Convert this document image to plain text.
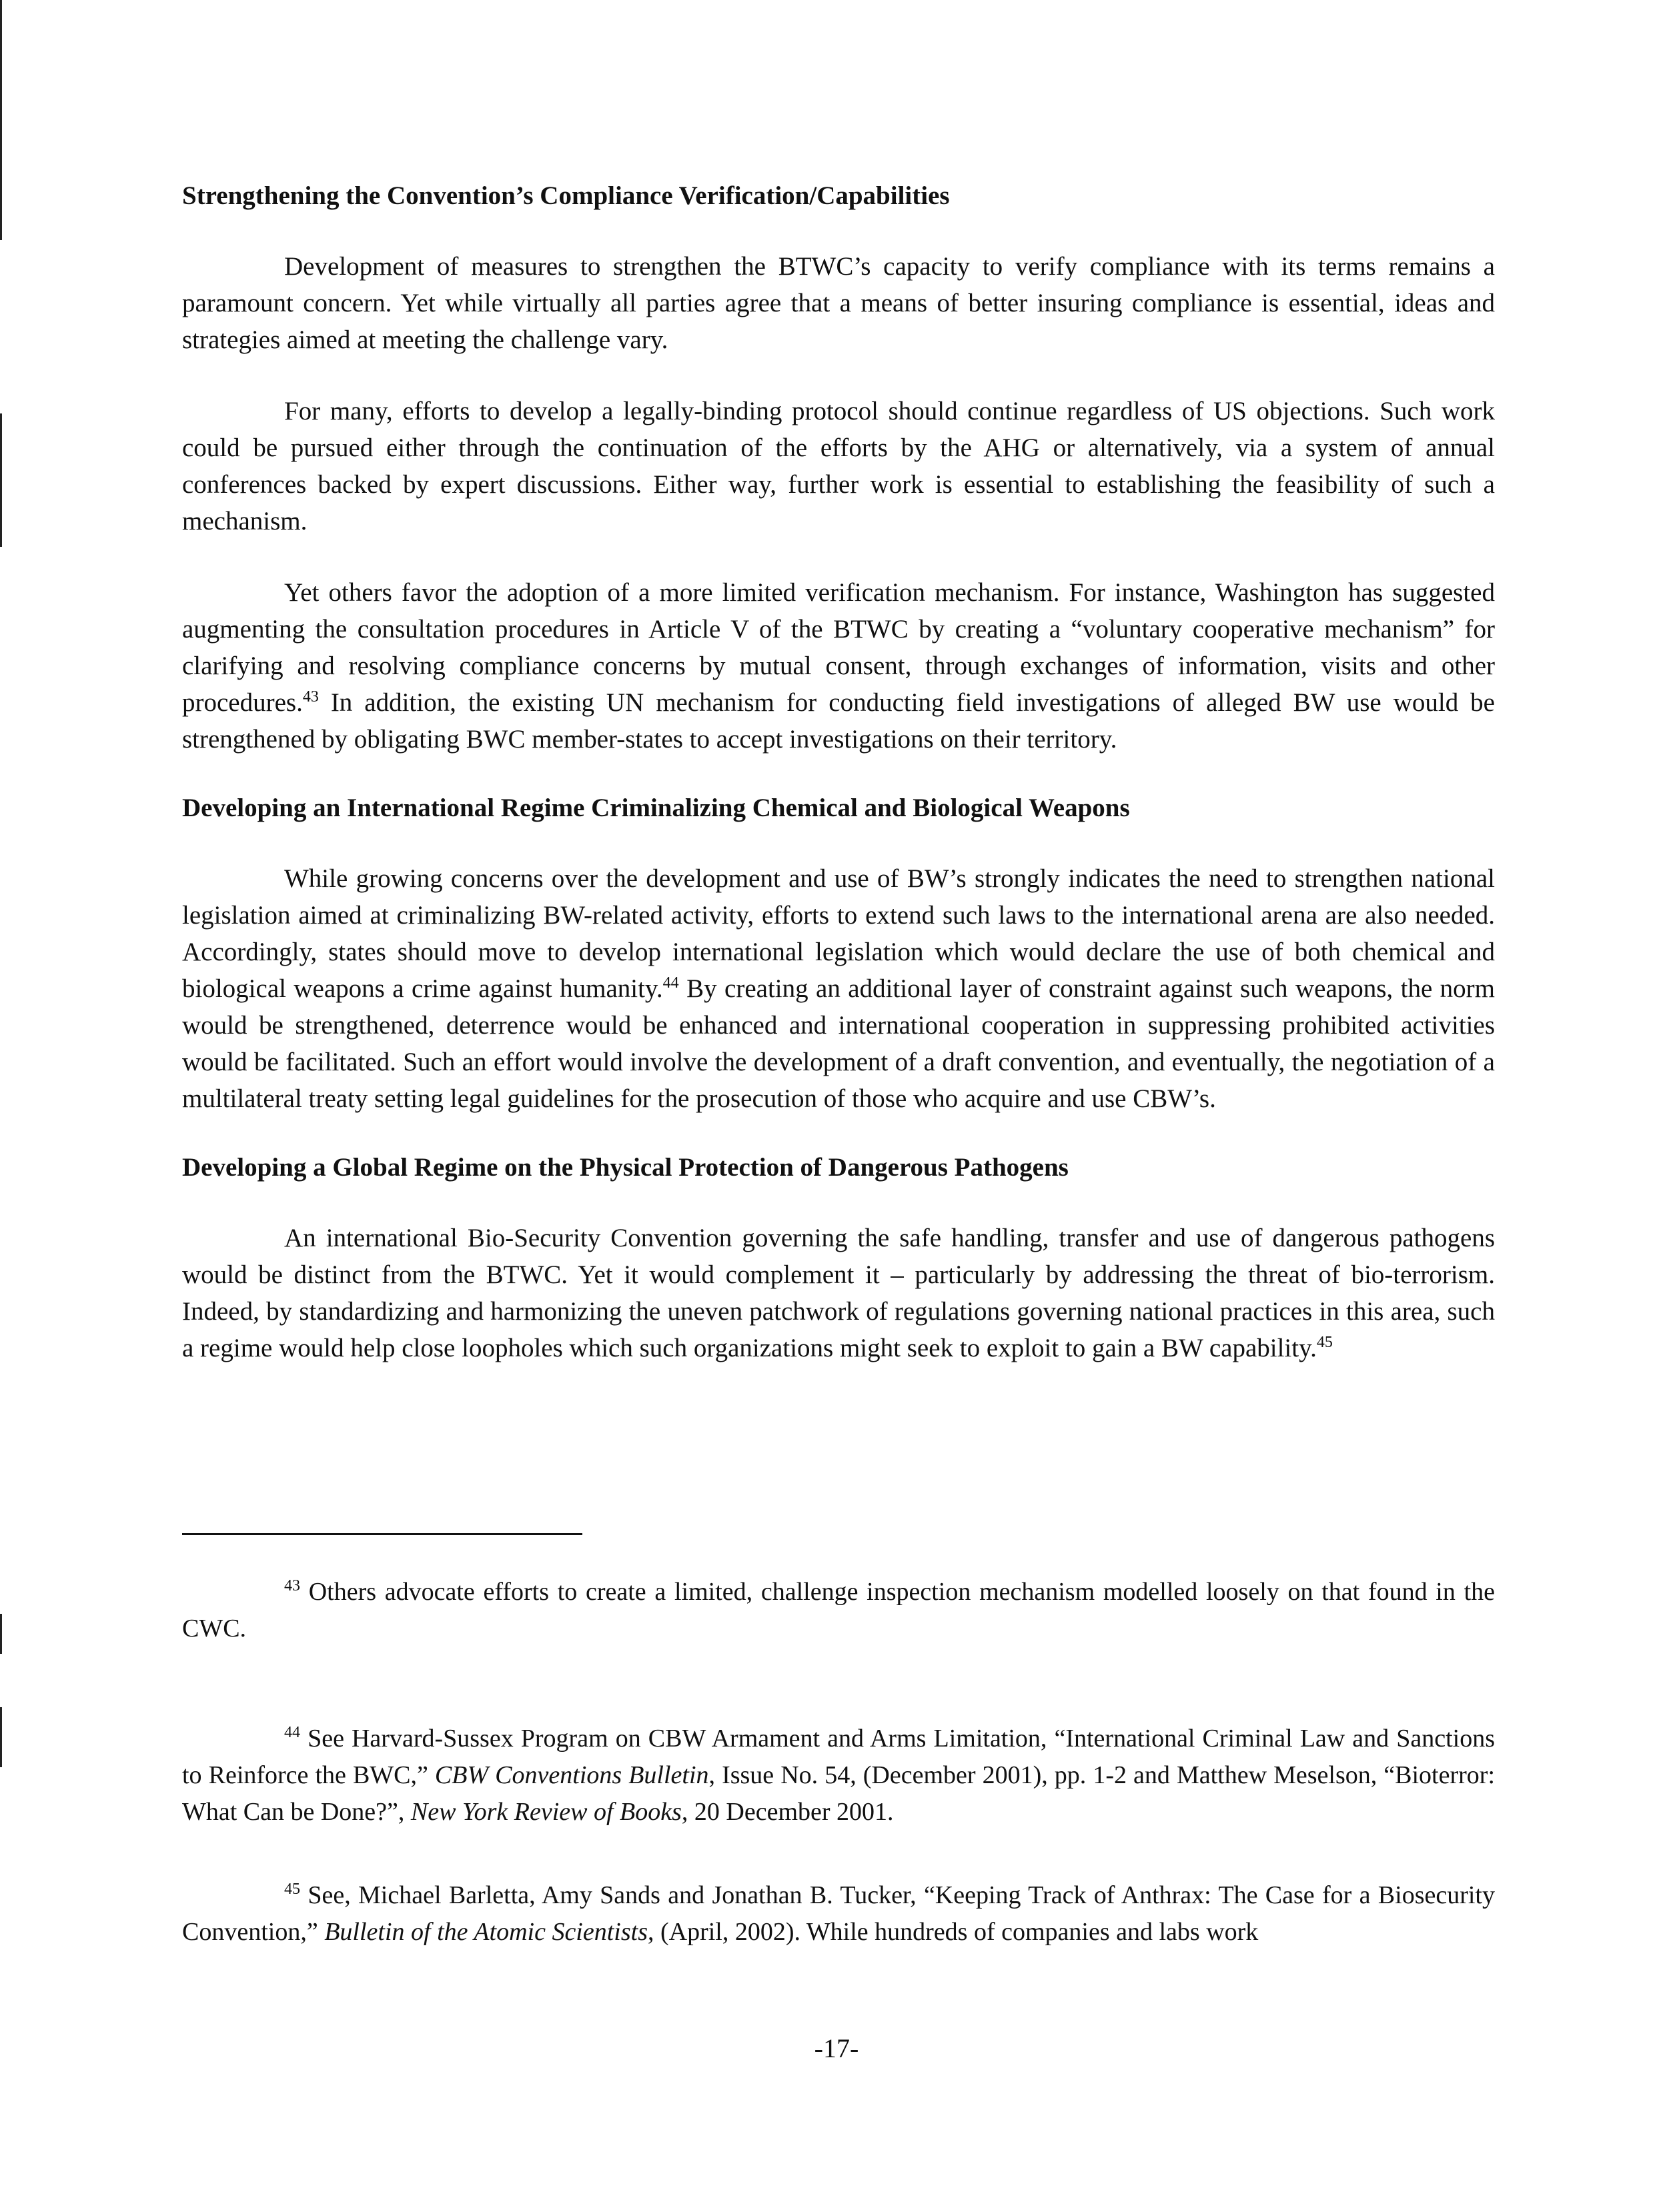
Strengthening the Convention’s Compliance Verification/Capabilities

Development of measures to strengthen the BTWC’s capacity to verify compliance with its terms remains a paramount concern. Yet while virtually all parties agree that a means of better insuring compliance is essential, ideas and strategies aimed at meeting the challenge vary.

For many, efforts to develop a legally-binding protocol should continue regardless of US objections. Such work could be pursued either through the continuation of the efforts by the AHG or alternatively, via a system of annual conferences backed by expert discussions. Either way, further work is essential to establishing the feasibility of such a mechanism.

Yet others favor the adoption of a more limited verification mechanism. For instance, Washington has suggested augmenting the consultation procedures in Article V of the BTWC by creating a “voluntary cooperative mechanism” for clarifying and resolving compliance concerns by mutual consent, through exchanges of information, visits and other procedures.$^{43}$ In addition, the existing UN mechanism for conducting field investigations of alleged BW use would be strengthened by obligating BWC member-states to accept investigations on their territory.

Developing an International Regime Criminalizing Chemical and Biological Weapons

While growing concerns over the development and use of BW’s strongly indicates the need to strengthen national legislation aimed at criminalizing BW-related activity, efforts to extend such laws to the international arena are also needed. Accordingly, states should move to develop international legislation which would declare the use of both chemical and biological weapons a crime against humanity.$^{44}$ By creating an additional layer of constraint against such weapons, the norm would be strengthened, deterrence would be enhanced and international cooperation in suppressing prohibited activities would be facilitated. Such an effort would involve the development of a draft convention, and eventually, the negotiation of a multilateral treaty setting legal guidelines for the prosecution of those who acquire and use CBW’s.

Developing a Global Regime on the Physical Protection of Dangerous Pathogens

An international Bio-Security Convention governing the safe handling, transfer and use of dangerous pathogens would be distinct from the BTWC. Yet it would complement it – particularly by addressing the threat of bio-terrorism. Indeed, by standardizing and harmonizing the uneven patchwork of regulations governing national practices in this area, such a regime would help close loopholes which such organizations might seek to exploit to gain a BW capability.$^{45}$

$^{43}$ Others advocate efforts to create a limited, challenge inspection mechanism modelled loosely on that found in the CWC.

$^{44}$ See Harvard-Sussex Program on CBW Armament and Arms Limitation, “International Criminal Law and Sanctions to Reinforce the BWC,” CBW Conventions Bulletin, Issue No. 54, (December 2001), pp. 1-2 and Matthew Meselson, “Bioterror: What Can be Done?”, New York Review of Books, 20 December 2001.

$^{45}$ See, Michael Barletta, Amy Sands and Jonathan B. Tucker, “Keeping Track of Anthrax: The Case for a Biosecurity Convention,” Bulletin of the Atomic Scientists, (April, 2002). While hundreds of companies and labs work

-17-
